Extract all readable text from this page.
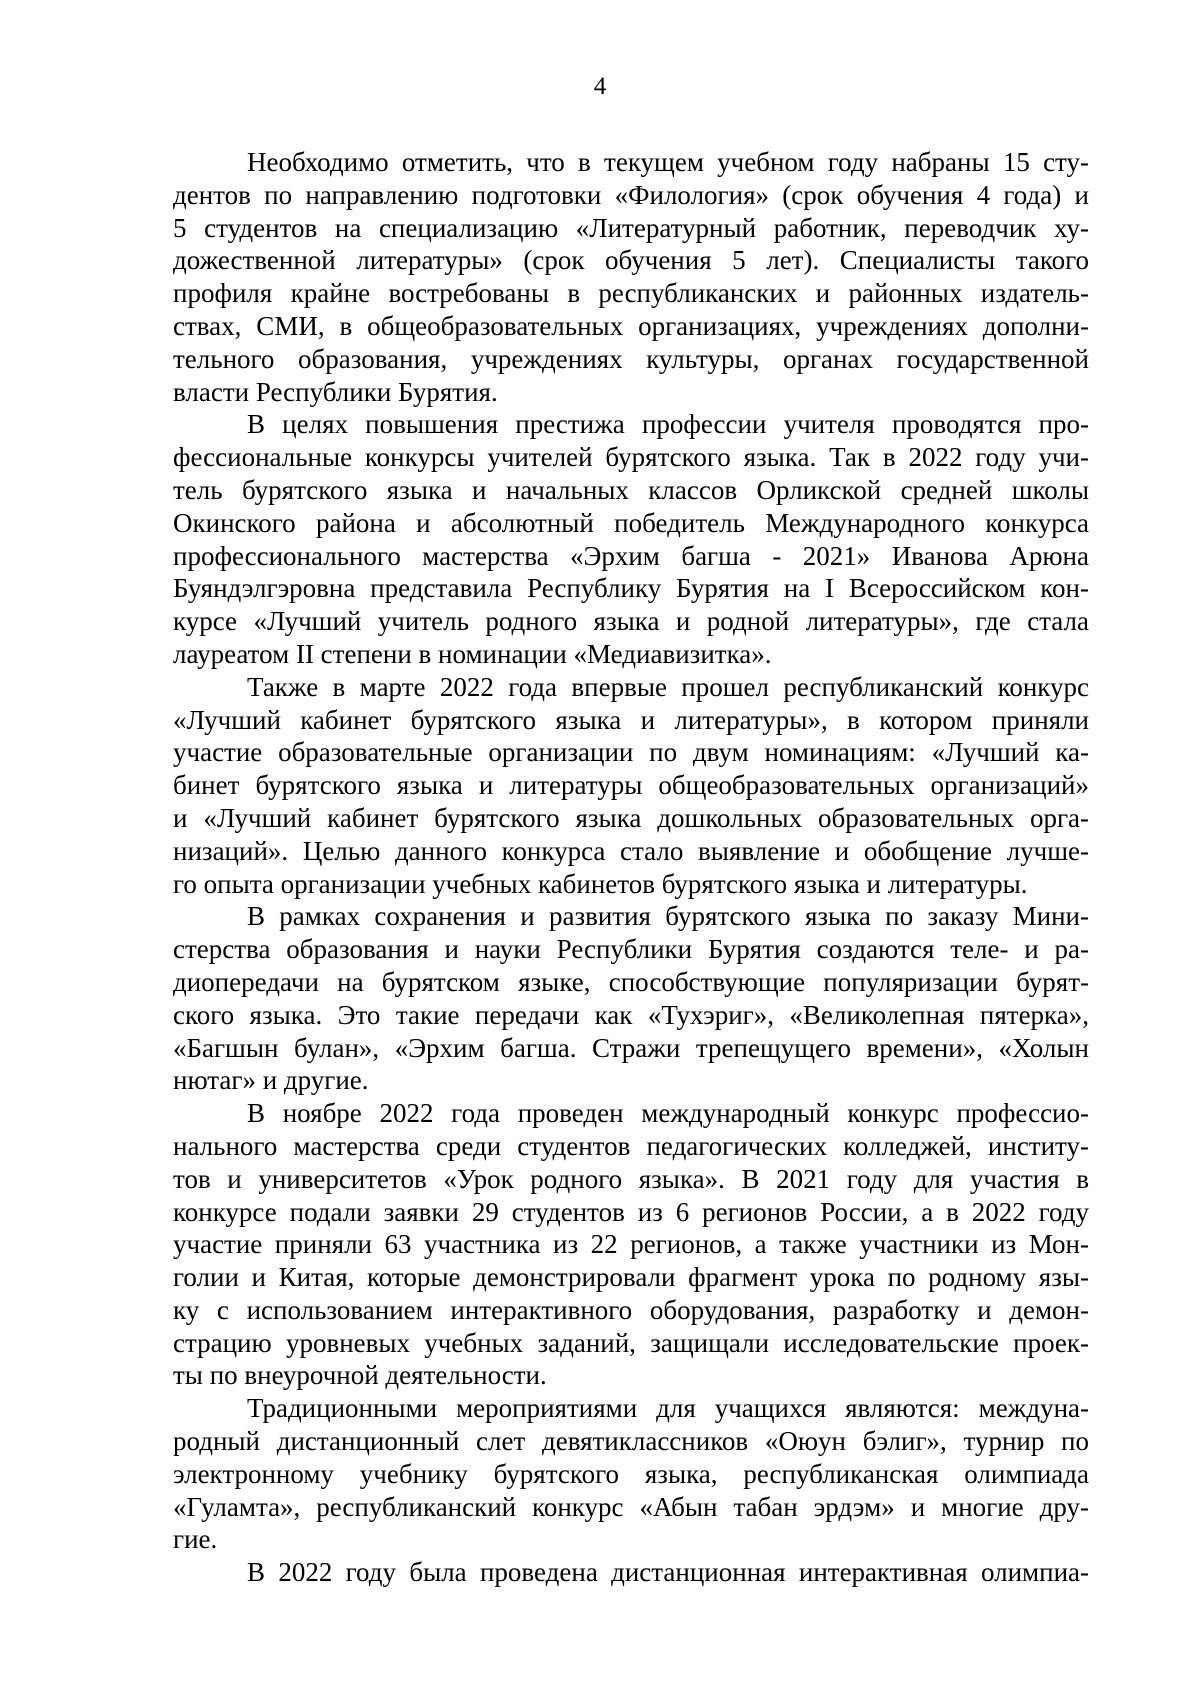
4
Необходимо отметить, что в текущем учебном году набраны 15 сту-
дентов по направлению подготовки «Филология» (срок обучения 4 года) и
5 студентов на специализацию «Литературный работник, переводчик ху-
дожественной литературы» (срок обучения 5 лет). Специалисты такого
профиля крайне востребованы в республиканских и районных издатель-
ствах, СМИ, в общеобразовательных организациях, учреждениях дополни-
тельного образования, учреждениях культуры, органах государственной
власти Республики Бурятия.
В целях повышения престижа профессии учителя проводятся про-
фессиональные конкурсы учителей бурятского языка. Так в 2022 году учи-
тель бурятского языка и начальных классов Орликской средней школы
Окинского района и абсолютный победитель Международного конкурса
профессионального мастерства «Эрхим багша - 2021» Иванова Арюна
Буяндэлгэровна представила Республику Бурятия на I Всероссийском кон-
курсе «Лучший учитель родного языка и родной литературы», где стала
лауреатом II степени в номинации «Медиавизитка».
Также в марте 2022 года впервые прошел республиканский конкурс
«Лучший кабинет бурятского языка и литературы», в котором приняли
участие образовательные организации по двум номинациям: «Лучший ка-
бинет бурятского языка и литературы общеобразовательных организаций»
и «Лучший кабинет бурятского языка дошкольных образовательных орга-
низаций». Целью данного конкурса стало выявление и обобщение лучше-
го опыта организации учебных кабинетов бурятского языка и литературы.
В рамках сохранения и развития бурятского языка по заказу Мини-
стерства образования и науки Республики Бурятия создаются теле- и ра-
диопередачи на бурятском языке, способствующие популяризации бурят-
ского языка. Это такие передачи как «Тухэриг», «Великолепная пятерка»,
«Багшын булан», «Эрхим багша. Стражи трепещущего времени», «Холын
нютаг» и другие.
В ноябре 2022 года проведен международный конкурс профессио-
нального мастерства среди студентов педагогических колледжей, институ-
тов и университетов «Урок родного языка». В 2021 году для участия в
конкурсе подали заявки 29 студентов из 6 регионов России, а в 2022 году
участие приняли 63 участника из 22 регионов, а также участники из Мон-
голии и Китая, которые демонстрировали фрагмент урока по родному язы-
ку с использованием интерактивного оборудования, разработку и демон-
страцию уровневых учебных заданий, защищали исследовательские проек-
ты по внеурочной деятельности.
Традиционными мероприятиями для учащихся являются: междуна-
родный дистанционный слет девятиклассников «Оюун бэлиг», турнир по
электронному учебнику бурятского языка, республиканская олимпиада
«Гуламта», республиканский конкурс «Абын табан эрдэм» и многие дру-
гие.
В 2022 году была проведена дистанционная интерактивная олимпиа-
